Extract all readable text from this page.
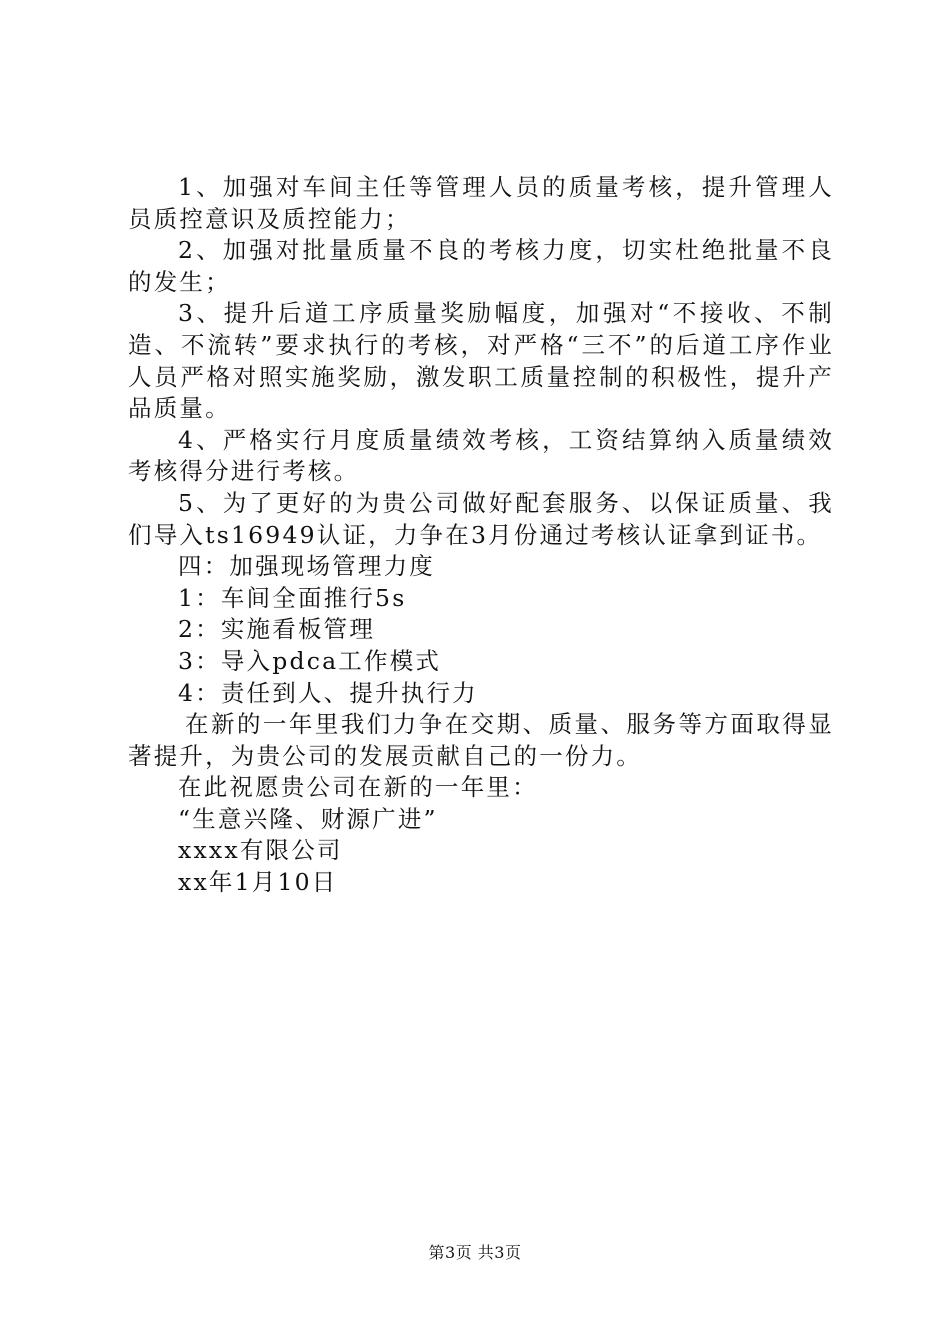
1、加强对车间主任等管理人员的质量考核，提升管理人员质控意识及质控能力；

2、加强对批量质量不良的考核力度，切实杜绝批量不良的发生；

3、提升后道工序质量奖励幅度，加强对“不接收、不制造、不流转”要求执行的考核，对严格“三不”的后道工序作业人员严格对照实施奖励，激发职工质量控制的积极性，提升产品质量。

4、严格实行月度质量绩效考核，工资结算纳入质量绩效考核得分进行考核。

5、为了更好的为贵公司做好配套服务、以保证质量、我们导入ts16949认证，力争在3月份通过考核认证拿到证书。

四：加强现场管理力度

1：车间全面推行5s

2：实施看板管理

3：导入pdca工作模式

4：责任到人、提升执行力

在新的一年里我们力争在交期、质量、服务等方面取得显著提升，为贵公司的发展贡献自己的一份力。

在此祝愿贵公司在新的一年里：

“生意兴隆、财源广进”

xxxx有限公司

xx年1月10日

第3页 共3页
